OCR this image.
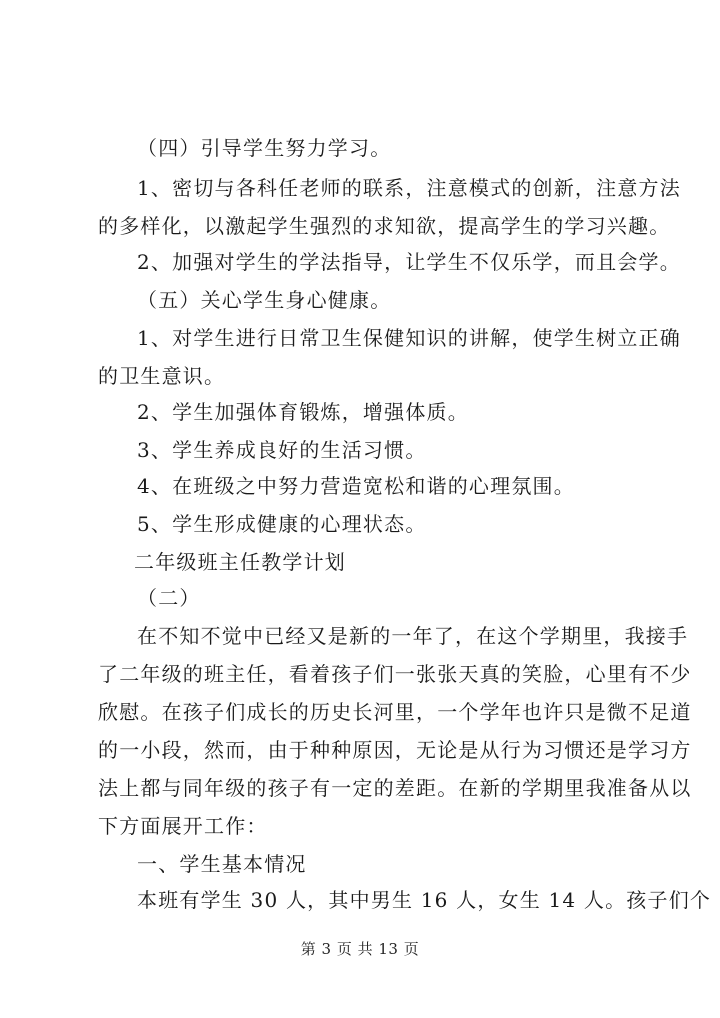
（四）引导学生努力学习。
1、密切与各科任老师的联系，注意模式的创新，注意方法
的多样化，以激起学生强烈的求知欲，提高学生的学习兴趣。
2、加强对学生的学法指导，让学生不仅乐学，而且会学。
（五）关心学生身心健康。
1、对学生进行日常卫生保健知识的讲解，使学生树立正确
的卫生意识。
2、学生加强体育锻炼，增强体质。
3、学生养成良好的生活习惯。
4、在班级之中努力营造宽松和谐的心理氛围。
5、学生形成健康的心理状态。
二年级班主任教学计划
（二）
在不知不觉中已经又是新的一年了，在这个学期里，我接手
了二年级的班主任，看着孩子们一张张天真的笑脸，心里有不少
欣慰。在孩子们成长的历史长河里，一个学年也许只是微不足道
的一小段，然而，由于种种原因，无论是从行为习惯还是学习方
法上都与同年级的孩子有一定的差距。在新的学期里我准备从以
下方面展开工作：
一、学生基本情况
本班有学生 30 人，其中男生 16 人，女生 14 人。孩子们个
第 3 页 共 13 页
